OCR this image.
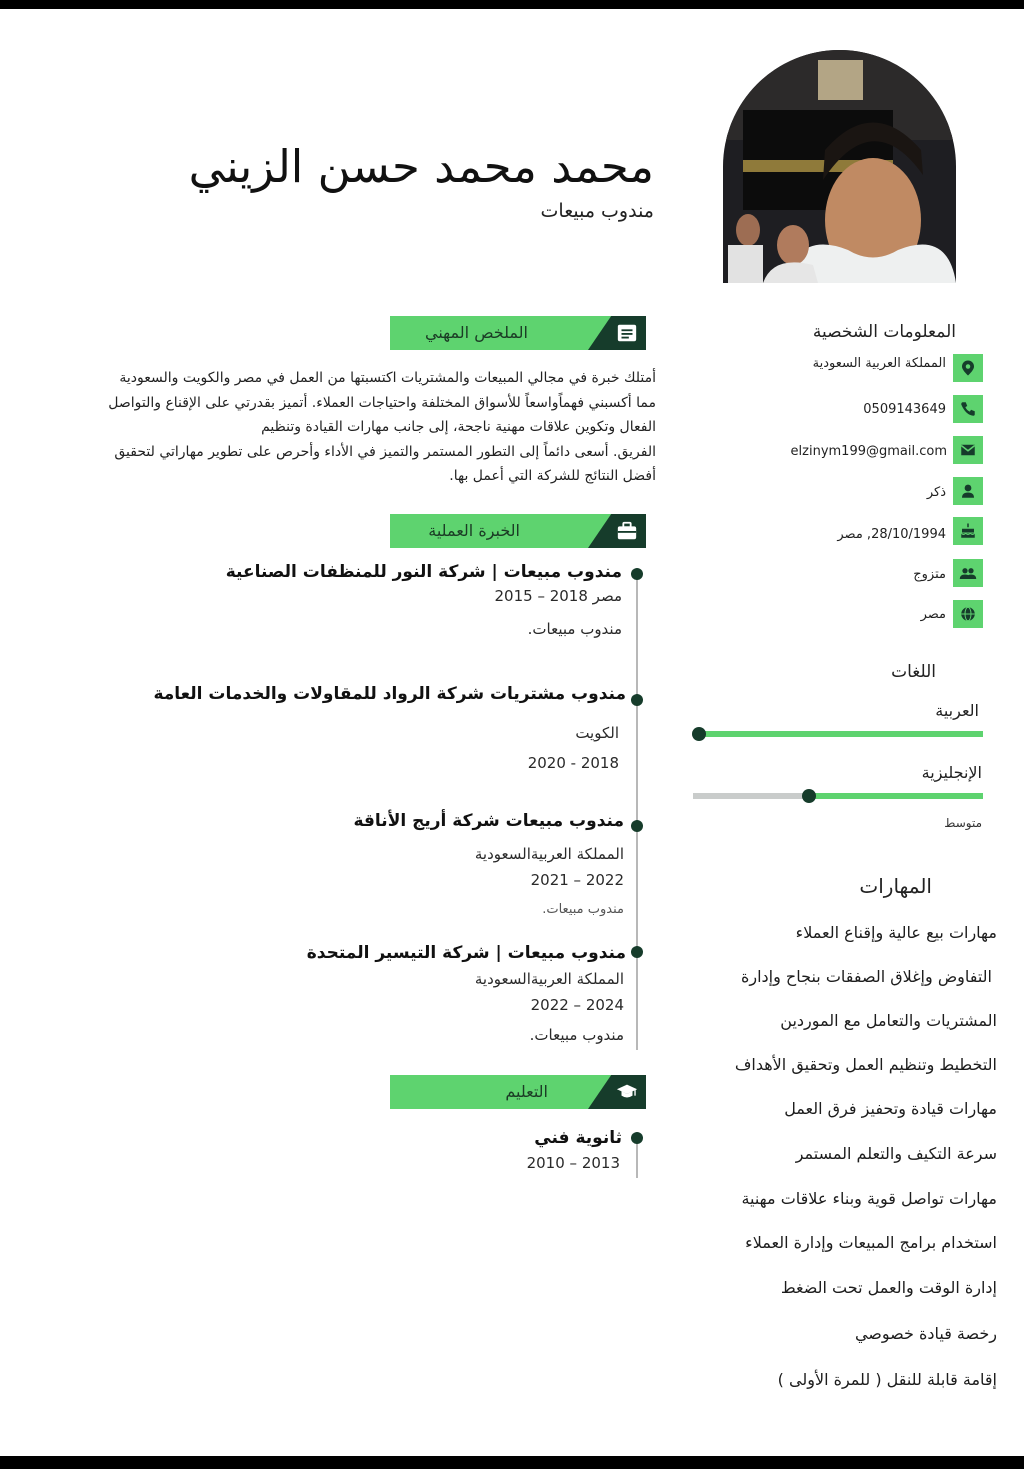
محمد محمد حسن الزيني
مندوب مبيعات
الملخص المهني

أمتلك خبرة في مجالي المبيعات والمشتريات اكتسبتها من العمل في مصر والكويت والسعودية

مما أكسبني فهماًواسعاً للأسواق المختلفة واحتياجات العملاء. أتميز بقدرتي على الإقناع والتواصل

الفعال وتكوين علاقات مهنية ناجحة، إلى جانب مهارات القيادة وتنظيم

الفريق. أسعى دائماً إلى التطور المستمر والتميز في الأداء وأحرص على تطوير مهاراتي لتحقيق

أفضل النتائج للشركة التي أعمل بها.

الخبرة العملية
مندوب مبيعات | شركة النور للمنظفات الصناعية
مصر 2018 – 2015
مندوب مبيعات.
مندوب مشتريات شركة الرواد للمقاولات والخدمات العامة
الكويت
2020 - 2018
مندوب مبيعات شركة أريج الأناقة
المملكة العربيةالسعودية
2021 – 2022
مندوب مبيعات.
مندوب مبيعات | شركة التيسير المتحدة
المملكة العربيةالسعودية
2022 – 2024
مندوب مبيعات.
التعليم
ثانوية فني
2013 – 2010
المعلومات الشخصية
المملكة العربية السعودية
0509143649
elzinym199@gmail.com
ذكر
28/10/1994, مصر
متزوج
مصر
اللغات
العربية
الإنجليزية
متوسط
المهارات
مهارات بيع عالية وإقناع العملاء
التفاوض وإغلاق الصفقات بنجاح وإدارة
المشتريات والتعامل مع الموردين
التخطيط وتنظيم العمل وتحقيق الأهداف
مهارات قيادة وتحفيز فرق العمل
سرعة التكيف والتعلم المستمر
مهارات تواصل قوية وبناء علاقات مهنية
استخدام برامج المبيعات وإدارة العملاء
إدارة الوقت والعمل تحت الضغط
رخصة قيادة خصوصي
إقامة قابلة للنقل ( للمرة الأولى )
